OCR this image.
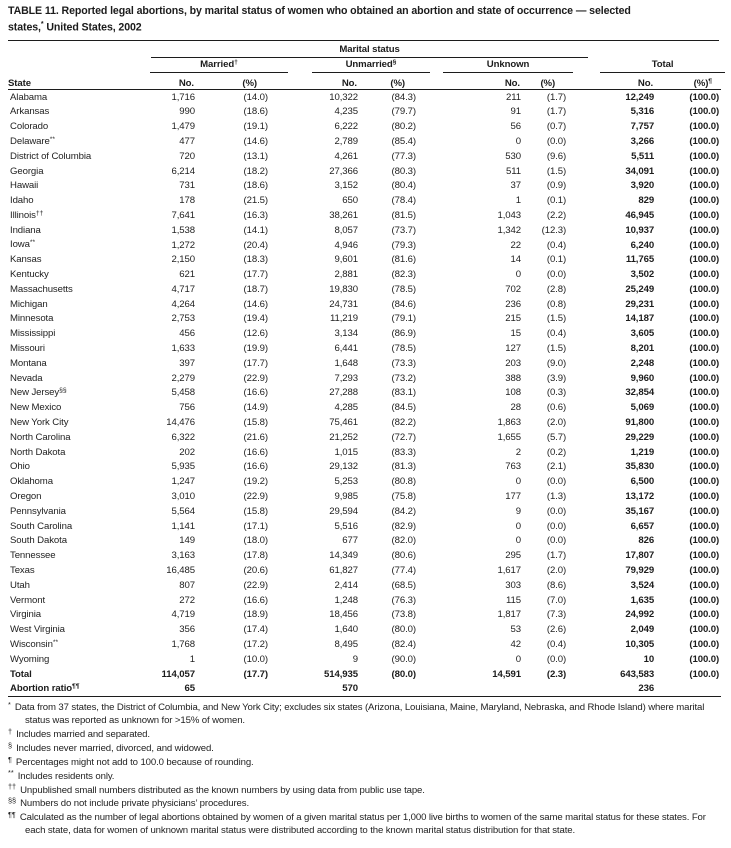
TABLE 11. Reported legal abortions, by marital status of women who obtained an abortion and state of occurrence — selected
states,* United States, 2002
State	Marital status							

	Married†		Unmarried§		Unknown		Total	

	No.	(%)	No.	(%)	No.	(%)	No.	(%)¶
Alabama	1,716	(14.0)	10,322	(84.3)	211	(1.7)	12,249	(100.0)
Arkansas	990	(18.6)	4,235	(79.7)	91	(1.7)	5,316	(100.0)
Colorado	1,479	(19.1)	6,222	(80.2)	56	(0.7)	7,757	(100.0)
Delaware**	477	(14.6)	2,789	(85.4)	0	(0.0)	3,266	(100.0)
District of Columbia	720	(13.1)	4,261	(77.3)	530	(9.6)	5,511	(100.0)
Georgia	6,214	(18.2)	27,366	(80.3)	511	(1.5)	34,091	(100.0)
Hawaii	731	(18.6)	3,152	(80.4)	37	(0.9)	3,920	(100.0)
Idaho	178	(21.5)	650	(78.4)	1	(0.1)	829	(100.0)
Illinois††	7,641	(16.3)	38,261	(81.5)	1,043	(2.2)	46,945	(100.0)
Indiana	1,538	(14.1)	8,057	(73.7)	1,342	(12.3)	10,937	(100.0)
Iowa**	1,272	(20.4)	4,946	(79.3)	22	(0.4)	6,240	(100.0)
Kansas	2,150	(18.3)	9,601	(81.6)	14	(0.1)	11,765	(100.0)
Kentucky	621	(17.7)	2,881	(82.3)	0	(0.0)	3,502	(100.0)
Massachusetts	4,717	(18.7)	19,830	(78.5)	702	(2.8)	25,249	(100.0)
Michigan	4,264	(14.6)	24,731	(84.6)	236	(0.8)	29,231	(100.0)
Minnesota	2,753	(19.4)	11,219	(79.1)	215	(1.5)	14,187	(100.0)
Mississippi	456	(12.6)	3,134	(86.9)	15	(0.4)	3,605	(100.0)
Missouri	1,633	(19.9)	6,441	(78.5)	127	(1.5)	8,201	(100.0)
Montana	397	(17.7)	1,648	(73.3)	203	(9.0)	2,248	(100.0)
Nevada	2,279	(22.9)	7,293	(73.2)	388	(3.9)	9,960	(100.0)
New Jersey§§	5,458	(16.6)	27,288	(83.1)	108	(0.3)	32,854	(100.0)
New Mexico	756	(14.9)	4,285	(84.5)	28	(0.6)	5,069	(100.0)
New York City	14,476	(15.8)	75,461	(82.2)	1,863	(2.0)	91,800	(100.0)
North Carolina	6,322	(21.6)	21,252	(72.7)	1,655	(5.7)	29,229	(100.0)
North Dakota	202	(16.6)	1,015	(83.3)	2	(0.2)	1,219	(100.0)
Ohio	5,935	(16.6)	29,132	(81.3)	763	(2.1)	35,830	(100.0)
Oklahoma	1,247	(19.2)	5,253	(80.8)	0	(0.0)	6,500	(100.0)
Oregon	3,010	(22.9)	9,985	(75.8)	177	(1.3)	13,172	(100.0)
Pennsylvania	5,564	(15.8)	29,594	(84.2)	9	(0.0)	35,167	(100.0)
South Carolina	1,141	(17.1)	5,516	(82.9)	0	(0.0)	6,657	(100.0)
South Dakota	149	(18.0)	677	(82.0)	0	(0.0)	826	(100.0)
Tennessee	3,163	(17.8)	14,349	(80.6)	295	(1.7)	17,807	(100.0)
Texas	16,485	(20.6)	61,827	(77.4)	1,617	(2.0)	79,929	(100.0)
Utah	807	(22.9)	2,414	(68.5)	303	(8.6)	3,524	(100.0)
Vermont	272	(16.6)	1,248	(76.3)	115	(7.0)	1,635	(100.0)
Virginia	4,719	(18.9)	18,456	(73.8)	1,817	(7.3)	24,992	(100.0)
West Virginia	356	(17.4)	1,640	(80.0)	53	(2.6)	2,049	(100.0)
Wisconsin**	1,768	(17.2)	8,495	(82.4)	42	(0.4)	10,305	(100.0)
Wyoming	1	(10.0)	9	(90.0)	0	(0.0)	10	(100.0)
Total	114,057	(17.7)	514,935	(80.0)	14,591	(2.3)	643,583	(100.0)
Abortion ratio¶¶	65		570				236	
* Data from 37 states, the District of Columbia, and New York City; excludes six states (Arizona, Louisiana, Maine, Maryland, Nebraska, and Rhode Island) where marital status was reported as unknown for >15% of women.
† Includes married and separated.
§ Includes never married, divorced, and widowed.
¶ Percentages might not add to 100.0 because of rounding.
** Includes residents only.
†† Unpublished small numbers distributed as the known numbers by using data from public use tape.
§§ Numbers do not include private physicians’ procedures.
¶¶ Calculated as the number of legal abortions obtained by women of a given marital status per 1,000 live births to women of the same marital status for these states. For each state, data for women of unknown marital status were distributed according to the known marital status distribution for that state.
